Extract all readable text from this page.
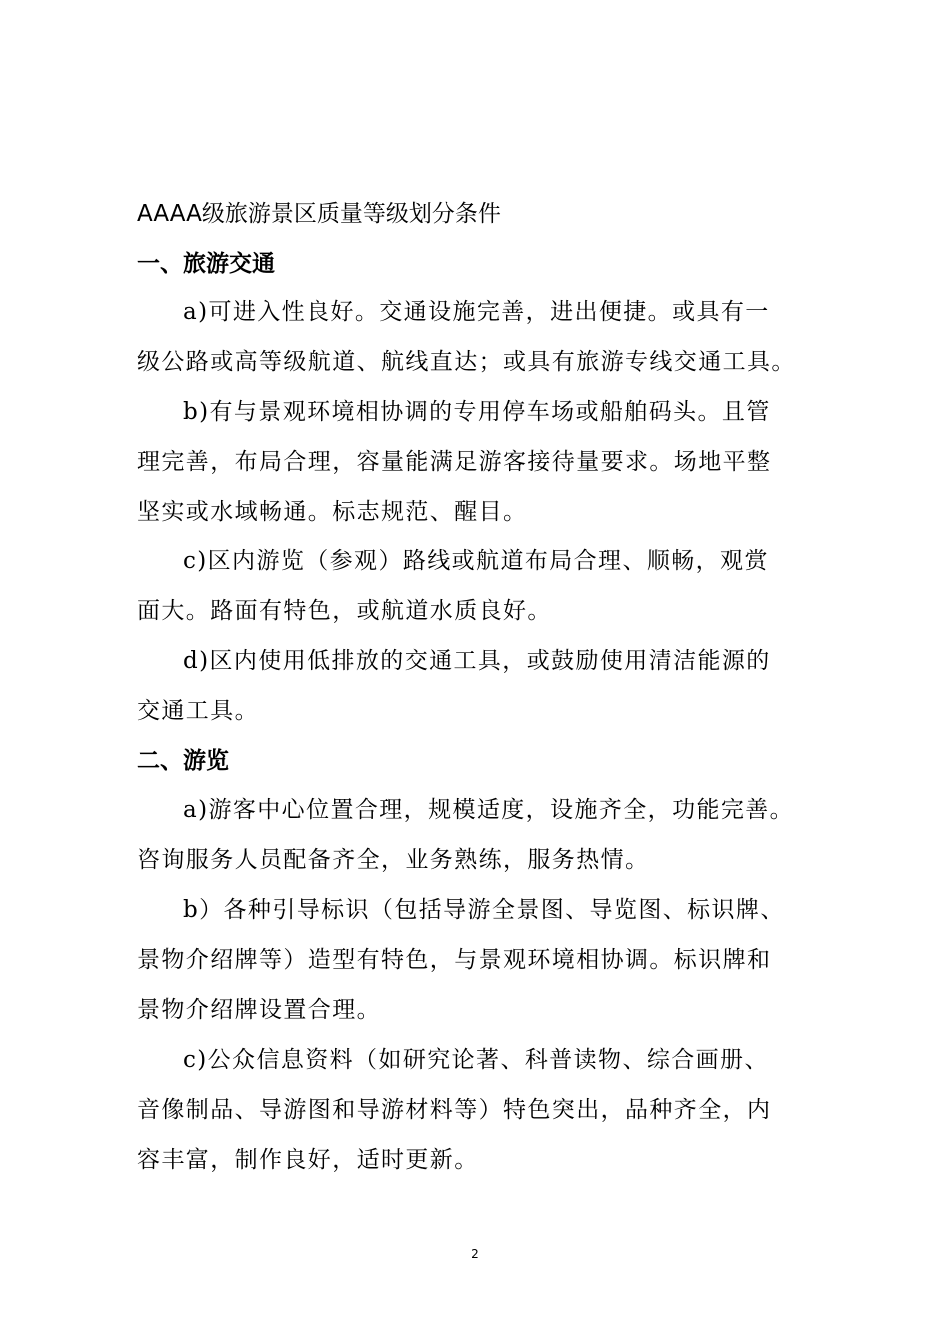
AAAA级旅游景区质量等级划分条件
一、旅游交通
a)可进入性良好。交通设施完善，进出便捷。或具有一
级公路或高等级航道、航线直达；或具有旅游专线交通工具。
b)有与景观环境相协调的专用停车场或船舶码头。且管
理完善，布局合理，容量能满足游客接待量要求。场地平整
坚实或水域畅通。标志规范、醒目。
c)区内游览（参观）路线或航道布局合理、顺畅，观赏
面大。路面有特色，或航道水质良好。
d)区内使用低排放的交通工具，或鼓励使用清洁能源的
交通工具。
二、游览
a)游客中心位置合理，规模适度，设施齐全，功能完善。
咨询服务人员配备齐全，业务熟练，服务热情。
b）各种引导标识（包括导游全景图、导览图、标识牌、
景物介绍牌等）造型有特色，与景观环境相协调。标识牌和
景物介绍牌设置合理。
c)公众信息资料（如研究论著、科普读物、综合画册、
音像制品、导游图和导游材料等）特色突出，品种齐全，内
容丰富，制作良好，适时更新。
2
